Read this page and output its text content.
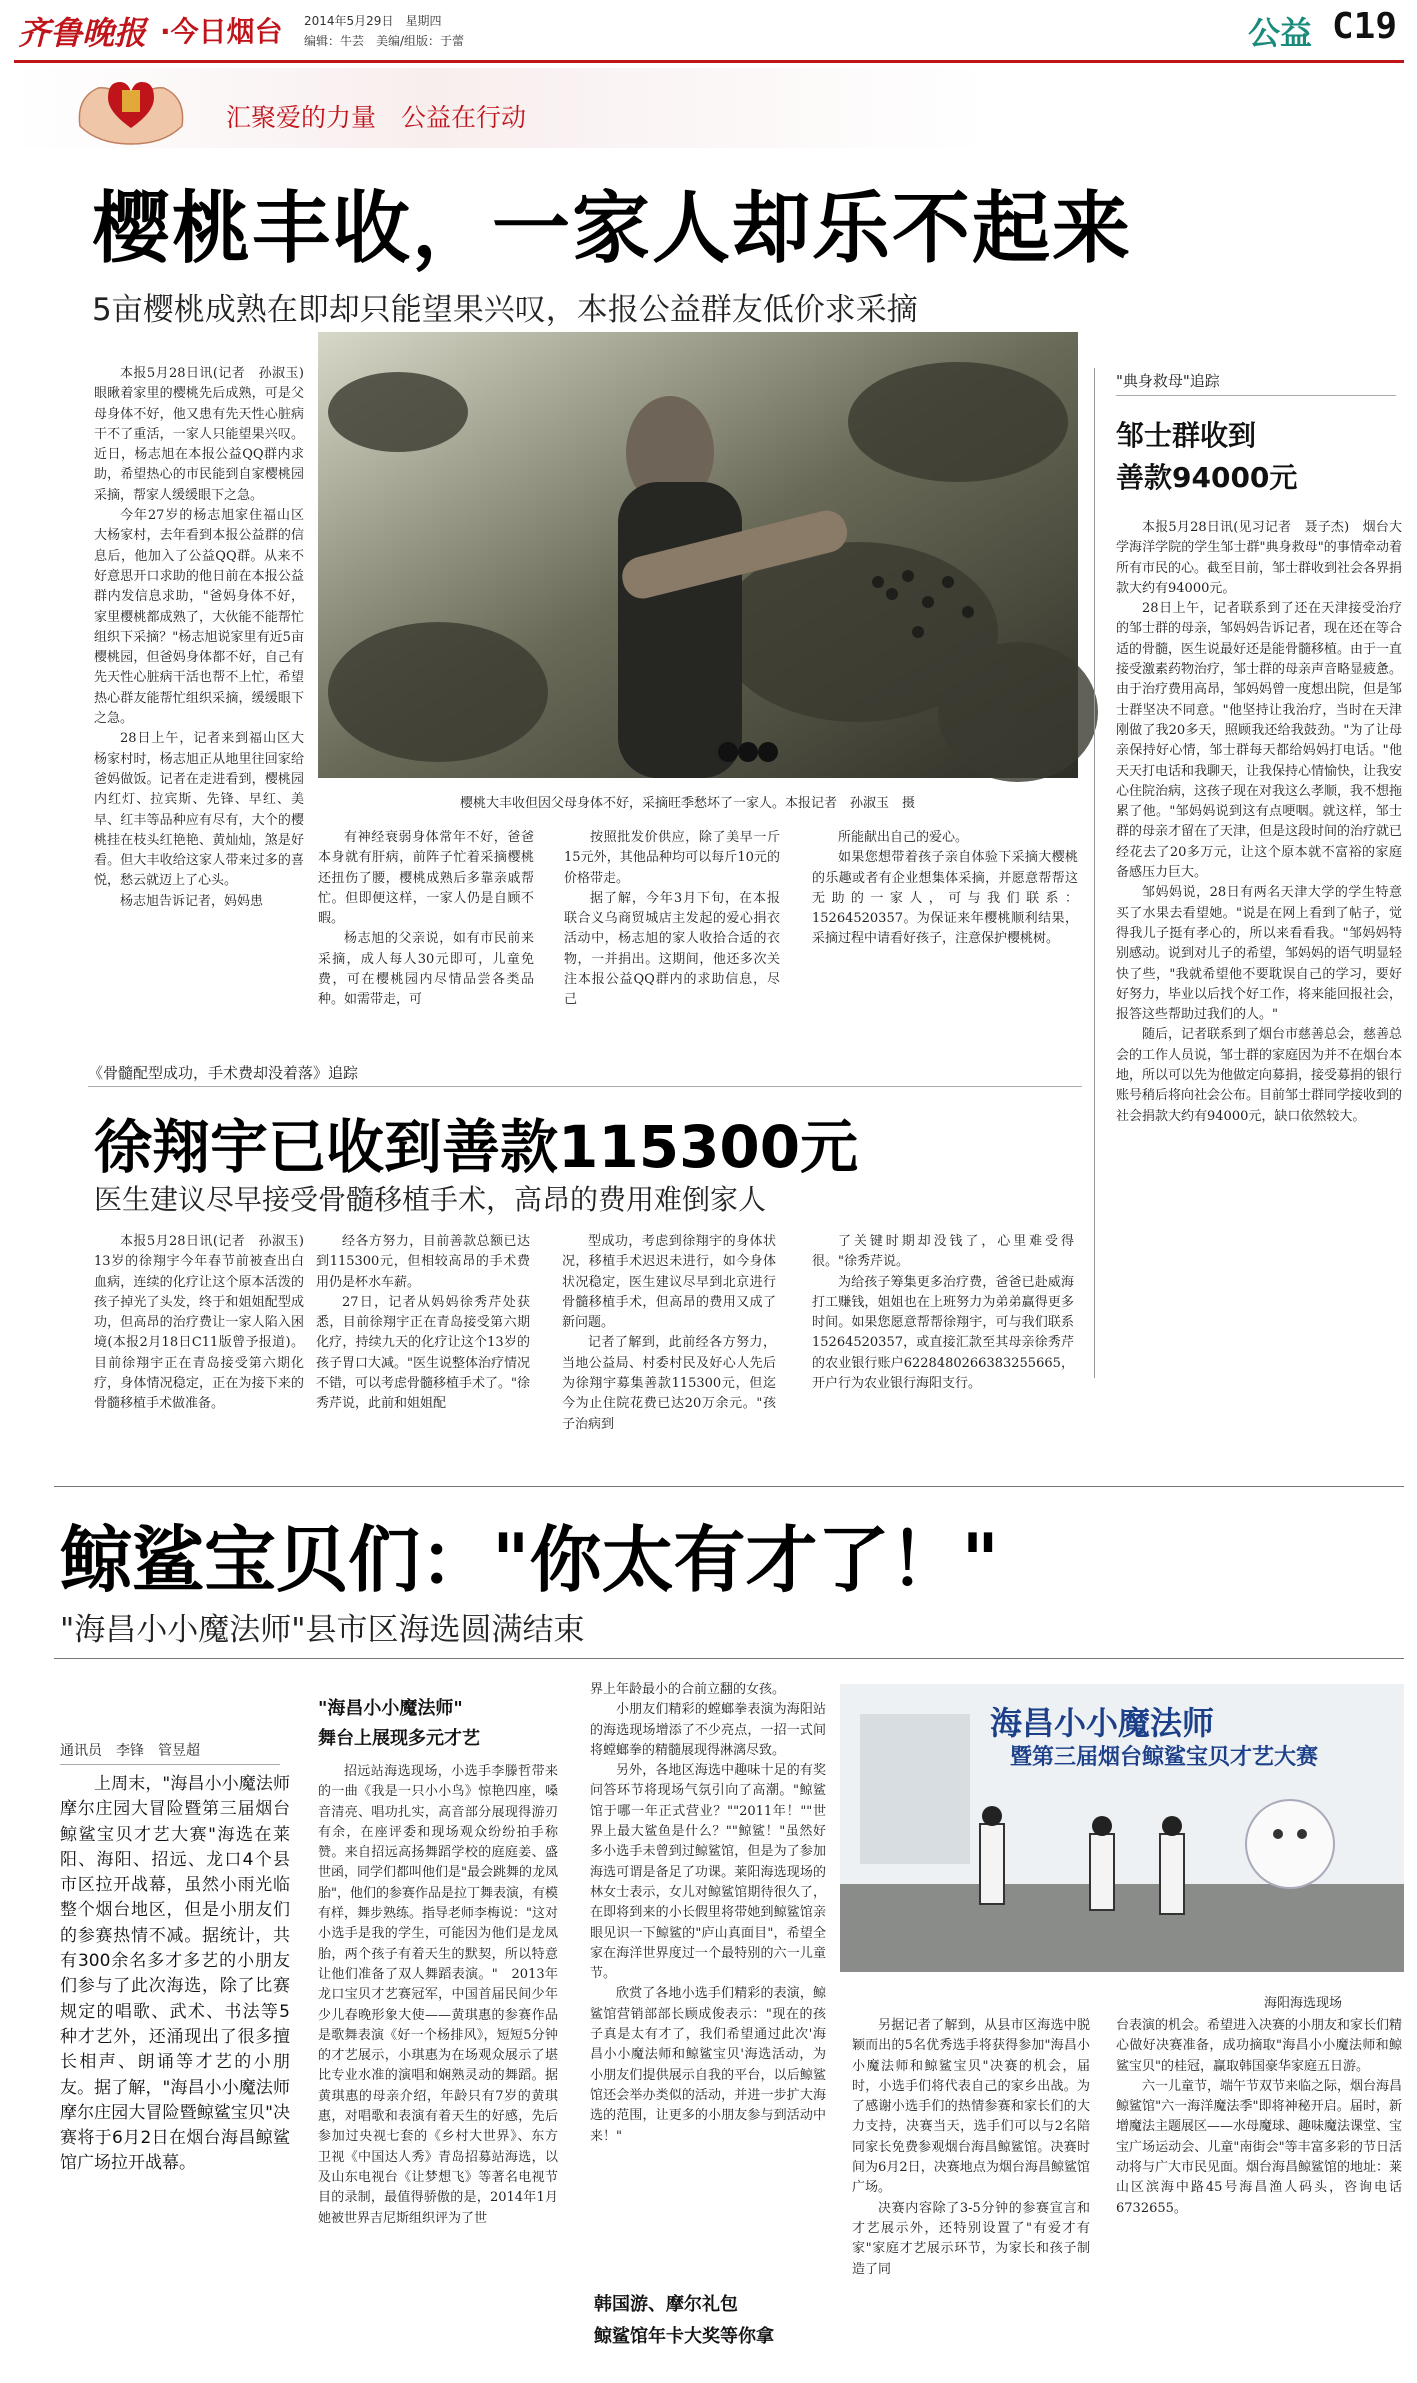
齐鲁晚报 ·今日烟台 2014年5月29日　星期四
编辑：牛芸　美编/组版：于蕾	公益 C19
汇聚爱的力量　公益在行动
樱桃丰收，一家人却乐不起来
5亩樱桃成熟在即却只能望果兴叹，本报公益群友低价求采摘
樱桃大丰收但因父母身体不好，采摘旺季愁坏了一家人。本报记者　孙淑玉　摄

本报5月28日讯(记者　孙淑玉)　眼瞅着家里的樱桃先后成熟，可是父母身体不好，他又患有先天性心脏病干不了重活，一家人只能望果兴叹。近日，杨志旭在本报公益QQ群内求助，希望热心的市民能到自家樱桃园采摘，帮家人缓缓眼下之急。

今年27岁的杨志旭家住福山区大杨家村，去年看到本报公益群的信息后，他加入了公益QQ群。从来不好意思开口求助的他日前在本报公益群内发信息求助，"爸妈身体不好，家里樱桃都成熟了，大伙能不能帮忙组织下采摘？"杨志旭说家里有近5亩樱桃园，但爸妈身体都不好，自己有先天性心脏病干活也帮不上忙，希望热心群友能帮忙组织采摘，缓缓眼下之急。

28日上午，记者来到福山区大杨家村时，杨志旭正从地里往回家给爸妈做饭。记者在走进看到，樱桃园内红灯、拉宾斯、先锋、早红、美早、红丰等品种应有尽有，大个的樱桃挂在枝头红艳艳、黄灿灿，煞是好看。但大丰收给这家人带来过多的喜悦，愁云就迈上了心头。

杨志旭告诉记者，妈妈患

有神经衰弱身体常年不好，爸爸本身就有肝病，前阵子忙着采摘樱桃还扭伤了腰，樱桃成熟后多靠亲戚帮忙。但即便这样，一家人仍是自顾不暇。

杨志旭的父亲说，如有市民前来采摘，成人每人30元即可，儿童免费，可在樱桃园内尽情品尝各类品种。如需带走，可

按照批发价供应，除了美早一斤15元外，其他品种均可以每斤10元的价格带走。

据了解，今年3月下旬，在本报联合义乌商贸城店主发起的爱心捐衣活动中，杨志旭的家人收拾合适的衣物，一并捐出。这期间，他还多次关注本报公益QQ群内的求助信息，尽己

所能献出自己的爱心。

如果您想带着孩子亲自体验下采摘大樱桃的乐趣或者有企业想集体采摘，并愿意帮帮这无助的一家人，可与我们联系：15264520357。为保证来年樱桃顺利结果，采摘过程中请看好孩子，注意保护樱桃树。

"典身救母"追踪
邹士群收到
善款94000元

本报5月28日讯(见习记者　聂子杰)　烟台大学海洋学院的学生邹士群"典身救母"的事情牵动着所有市民的心。截至目前，邹士群收到社会各界捐款大约有94000元。

28日上午，记者联系到了还在天津接受治疗的邹士群的母亲，邹妈妈告诉记者，现在还在等合适的骨髓，医生说最好还是能骨髓移植。由于一直接受激素药物治疗，邹士群的母亲声音略显疲惫。由于治疗费用高昂，邹妈妈曾一度想出院，但是邹士群坚决不同意。"他坚持让我治疗，当时在天津刚做了我20多天，照顾我还给我鼓劲。"为了让母亲保持好心情，邹士群每天都给妈妈打电话。"他天天打电话和我聊天，让我保持心情愉快，让我安心住院治病，这孩子现在对我这么孝顺，我不想拖累了他。"邹妈妈说到这有点哽咽。就这样，邹士群的母亲才留在了天津，但是这段时间的治疗就已经花去了20多万元，让这个原本就不富裕的家庭备感压力巨大。

邹妈妈说，28日有两名天津大学的学生特意买了水果去看望她。"说是在网上看到了帖子，觉得我儿子挺有孝心的，所以来看看我。"邹妈妈特别感动。说到对儿子的希望，邹妈妈的语气明显轻快了些，"我就希望他不要耽误自己的学习，要好好努力，毕业以后找个好工作，将来能回报社会，报答这些帮助过我们的人。"

随后，记者联系到了烟台市慈善总会，慈善总会的工作人员说，邹士群的家庭因为并不在烟台本地，所以可以先为他做定向募捐，接受募捐的银行账号稍后将向社会公布。目前邹士群同学接收到的社会捐款大约有94000元，缺口依然较大。

《骨髓配型成功，手术费却没着落》追踪
徐翔宇已收到善款115300元
医生建议尽早接受骨髓移植手术，高昂的费用难倒家人

本报5月28日讯(记者　孙淑玉)　13岁的徐翔宇今年春节前被查出白血病，连续的化疗让这个原本活泼的孩子掉光了头发，终于和姐姐配型成功，但高昂的治疗费让一家人陷入困境(本报2月18日C11版曾予报道)。目前徐翔宇正在青岛接受第六期化疗，身体情况稳定，正在为接下来的骨髓移植手术做准备。

经各方努力，目前善款总额已达到115300元，但相较高昂的手术费用仍是杯水车薪。

27日，记者从妈妈徐秀芹处获悉，目前徐翔宇正在青岛接受第六期化疗，持续九天的化疗让这个13岁的孩子胃口大减。"医生说整体治疗情况不错，可以考虑骨髓移植手术了。"徐秀芹说，此前和姐姐配

型成功，考虑到徐翔宇的身体状况，移植手术迟迟未进行，如今身体状况稳定，医生建议尽早到北京进行骨髓移植手术，但高昂的费用又成了新问题。

记者了解到，此前经各方努力，当地公益局、村委村民及好心人先后为徐翔宇募集善款115300元，但迄今为止住院花费已达20万余元。"孩子治病到

了关键时期却没钱了，心里难受得很。"徐秀芹说。

为给孩子筹集更多治疗费，爸爸已赴威海打工赚钱，姐姐也在上班努力为弟弟赢得更多时间。如果您愿意帮帮徐翔宇，可与我们联系15264520357，或直接汇款至其母亲徐秀芹的农业银行账户6228480266383255665，开户行为农业银行海阳支行。

鲸鲨宝贝们："你太有才了！"
"海昌小小魔法师"县市区海选圆满结束
通讯员　李锋　管昱超
上周末，"海昌小小魔法师摩尔庄园大冒险暨第三届烟台鲸鲨宝贝才艺大赛"海选在莱阳、海阳、招远、龙口4个县市区拉开战幕，虽然小雨光临整个烟台地区，但是小朋友们的参赛热情不减。据统计，共有300余名多才多艺的小朋友们参与了此次海选，除了比赛规定的唱歌、武术、书法等5种才艺外，还涌现出了很多擅长相声、朗诵等才艺的小朋友。据了解，"海昌小小魔法师摩尔庄园大冒险暨鲸鲨宝贝"决赛将于6月2日在烟台海昌鲸鲨馆广场拉开战幕。
"海昌小小魔法师"
舞台上展现多元才艺

招远站海选现场，小选手李滕哲带来的一曲《我是一只小小鸟》惊艳四座，嗓音清亮、唱功扎实，高音部分展现得游刃有余，在座评委和现场观众纷纷拍手称赞。来自招远高扬舞蹈学校的庭庭姜、盛世函，同学们都叫他们是"最会跳舞的龙凤胎"，他们的参赛作品是拉丁舞表演，有模有样，舞步熟练。指导老师李梅说："这对小选手是我的学生，可能因为他们是龙凤胎，两个孩子有着天生的默契，所以特意让他们准备了双人舞蹈表演。"　2013年龙口宝贝才艺赛冠军，中国首届民间少年少儿春晚形象大使——黄琪惠的参赛作品是歌舞表演《好一个杨排风》，短短5分钟的才艺展示，小琪惠为在场观众展示了堪比专业水准的演唱和娴熟灵动的舞蹈。据黄琪惠的母亲介绍，年龄只有7岁的黄琪惠，对唱歌和表演有着天生的好感，先后参加过央视七套的《乡村大世界》、东方卫视《中国达人秀》青岛招募站海选，以及山东电视台《让梦想飞》等著名电视节目的录制，最值得骄傲的是，2014年1月她被世界吉尼斯组织评为了世

界上年龄最小的合前立翻的女孩。

小朋友们精彩的螳螂拳表演为海阳站的海选现场增添了不少亮点，一招一式间将螳螂拳的精髓展现得淋漓尽致。

另外，各地区海选中趣味十足的有奖问答环节将现场气氛引向了高潮。"鲸鲨馆于哪一年正式营业？""2011年！""世界上最大鲨鱼是什么？""鲸鲨！"虽然好多小选手未曾到过鲸鲨馆，但是为了参加海选可谓是备足了功课。莱阳海选现场的林女士表示，女儿对鲸鲨馆期待很久了，在即将到来的小长假里将带她到鲸鲨馆亲眼见识一下鲸鲨的"庐山真面目"，希望全家在海洋世界度过一个最特别的六一儿童节。

欣赏了各地小选手们精彩的表演，鲸鲨馆营销部部长顾成俊表示："现在的孩子真是太有才了，我们希望通过此次'海昌小小魔法师和鲸鲨宝贝'海选活动，为小朋友们提供展示自我的平台，以后鲸鲨馆还会举办类似的活动，并进一步扩大海选的范围，让更多的小朋友参与到活动中来！"

韩国游、摩尔礼包
鲸鲨馆年卡大奖等你拿
海昌小小魔法师
暨第三届烟台鲸鲨宝贝才艺大赛
海阳海选现场

另据记者了解到，从县市区海选中脱颖而出的5名优秀选手将获得参加"海昌小小魔法师和鲸鲨宝贝"决赛的机会，届时，小选手们将代表自己的家乡出战。为了感谢小选手们的热情参赛和家长们的大力支持，决赛当天，选手们可以与2名陪同家长免费参观烟台海昌鲸鲨馆。决赛时间为6月2日，决赛地点为烟台海昌鲸鲨馆广场。

决赛内容除了3-5分钟的参赛宣言和才艺展示外，还特别设置了"有爱才有家"家庭才艺展示环节，为家长和孩子制造了同

台表演的机会。希望进入决赛的小朋友和家长们精心做好决赛准备，成功摘取"海昌小小魔法师和鲸鲨宝贝"的桂冠，赢取韩国豪华家庭五日游。

六一儿童节，端午节双节来临之际，烟台海昌鲸鲨馆"六一海洋魔法季"即将神秘开启。届时，新增魔法主题展区——水母魔球、趣味魔法课堂、宝宝广场运动会、儿童"南街会"等丰富多彩的节日活动将与广大市民见面。烟台海昌鲸鲨馆的地址：莱山区滨海中路45号海昌渔人码头，咨询电话6732655。
